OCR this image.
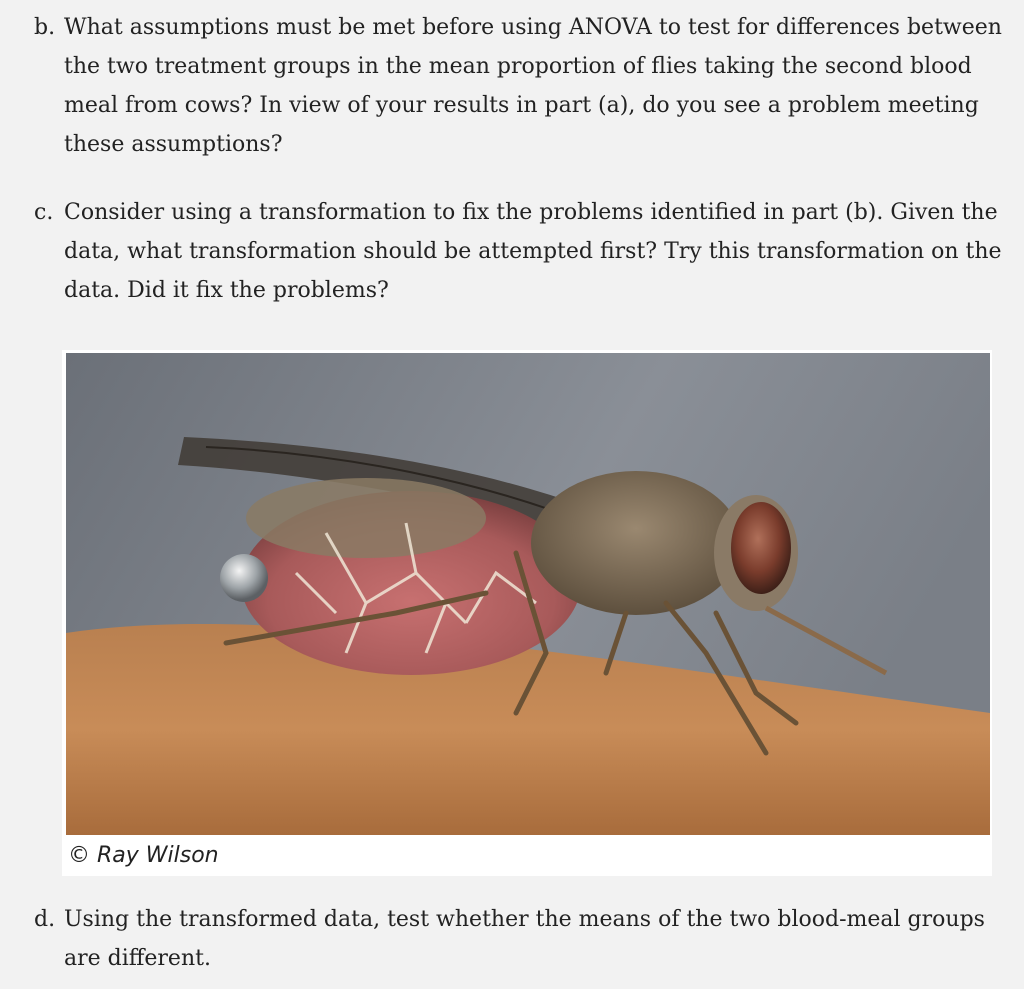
b. What assumptions must be met before using ANOVA to test for differences between the two treatment groups in the mean proportion of flies taking the second blood meal from cows? In view of your results in part (a), do you see a problem meeting these assumptions?
c. Consider using a transformation to fix the problems identified in part (b). Given the data, what transformation should be attempted first? Try this transformation on the data. Did it fix the problems?
© Ray Wilson
d. Using the transformed data, test whether the means of the two blood-meal groups are different.
